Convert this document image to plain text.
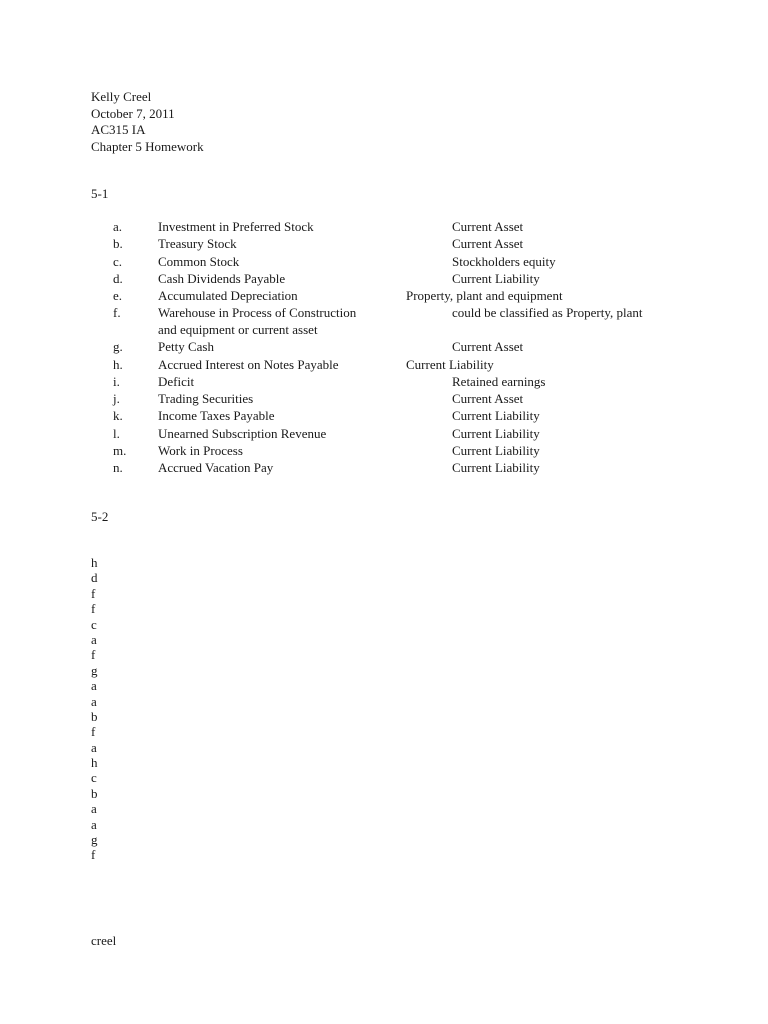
Kelly Creel
October 7, 2011
AC315 IA
Chapter 5 Homework
5-1
a.	Investment in Preferred Stock	Current Asset
b.	Treasury Stock	Current Asset
c.	Common Stock	Stockholders equity
d.	Cash Dividends Payable	Current Liability
e.	Accumulated Depreciation	Property, plant and equipment
f.	Warehouse in Process of Construction	could be classified as Property, plant
and equipment or current asset
g.	Petty Cash	Current Asset
h.	Accrued Interest on Notes Payable	Current Liability
i.	Deficit	Retained earnings
j.	Trading Securities	Current Asset
k.	Income Taxes Payable	Current Liability
l.	Unearned Subscription Revenue	Current Liability
m. Work in Process	Current Liability
n.	Accrued Vacation Pay	Current Liability
5-2
h
d
f
f
c
a
f
g
a
a
b
f
a
h
c
b
a
a
g
f
creel
